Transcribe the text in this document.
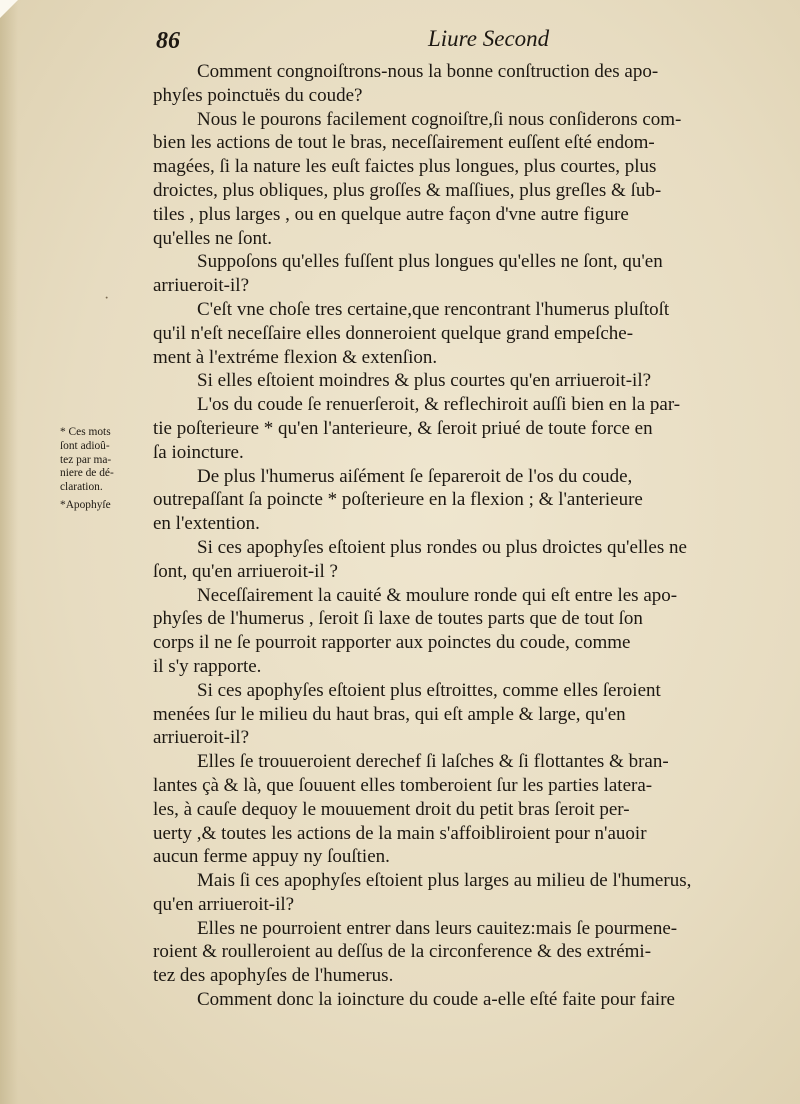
86	Liure Second
Comment congnoiſtrons-nous la bonne conſtruction des apo-
phyſes poinctuës du coude?
Nous le pourons facilement cognoiſtre,ſi nous conſiderons com-
bien les actions de tout le bras, neceſſairement euſſent eſté endom-
magées, ſi la nature les euſt faictes plus longues, plus courtes, plus
droictes, plus obliques, plus groſſes & maſſiues, plus greſles & ſub-
tiles , plus larges , ou en quelque autre façon d'vne autre figure
qu'elles ne ſont.
Suppoſons qu'elles fuſſent plus longues qu'elles ne ſont, qu'en
arriueroit-il?
C'eſt vne choſe tres certaine,que rencontrant l'humerus pluſtoſt
qu'il n'eſt neceſſaire elles donneroient quelque grand empeſche-
ment à l'extréme flexion & extenſion.
Si elles eſtoient moindres & plus courtes qu'en arriueroit-il?
L'os du coude ſe renuerſeroit, & reflechiroit auſſi bien en la par-
tie poſterieure * qu'en l'anterieure, & ſeroit priué de toute force en
ſa ioincture.
De plus l'humerus aiſément ſe ſepareroit de l'os du coude,
outrepaſſant ſa poincte * poſterieure en la flexion ; & l'anterieure
en l'extention.
Si ces apophyſes eſtoient plus rondes ou plus droictes qu'elles ne
ſont, qu'en arriueroit-il ?
Neceſſairement la cauité & moulure ronde qui eſt entre les apo-
phyſes de l'humerus , ſeroit ſi laxe de toutes parts que de tout ſon
corps il ne ſe pourroit rapporter aux poinctes du coude, comme
il s'y rapporte.
Si ces apophyſes eſtoient plus eſtroittes, comme elles ſeroient
menées ſur le milieu du haut bras, qui eſt ample & large, qu'en
arriueroit-il?
Elles ſe trouueroient derechef ſi laſches & ſi flottantes & bran-
lantes çà & là, que ſouuent elles tomberoient ſur les parties latera-
les, à cauſe dequoy le mouuement droit du petit bras ſeroit per-
uerty ,& toutes les actions de la main s'affoibliroient pour n'auoir
aucun ferme appuy ny ſouſtien.
Mais ſi ces apophyſes eſtoient plus larges au milieu de l'humerus,
qu'en arriueroit-il?
Elles ne pourroient entrer dans leurs cauitez:mais ſe pourmene-
roient & roulleroient au deſſus de la circonference & des extrémi-
tez des apophyſes de l'humerus.
Comment donc la ioincture du coude a-elle eſté faite pour faire
* Ces mots
ſont adioû-
tez par ma-
niere de dé-
claration.
*Apophyſe
·
